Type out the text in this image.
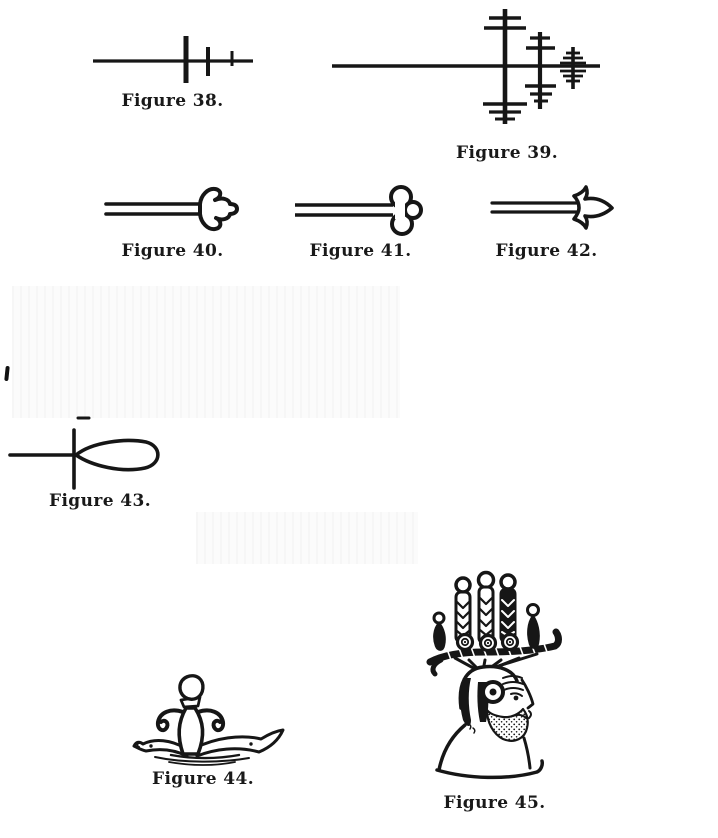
Figure 38.
Figure 39.
Figure 40.	Figure 41.	Figure 42.
Figure 43.
Figure 44.
Figure 45.
